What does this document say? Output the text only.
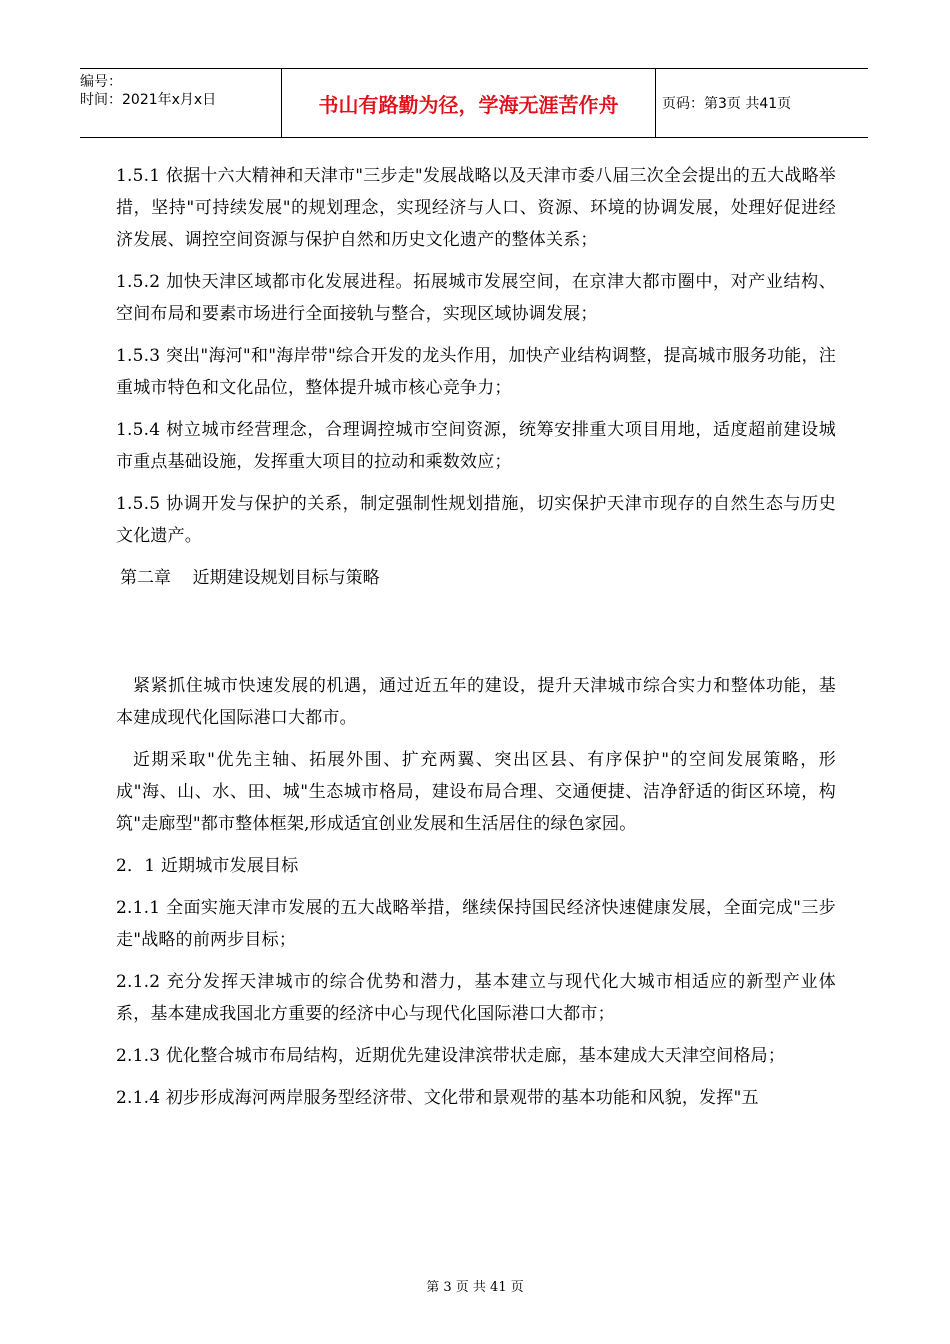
编号：
时间：2021年x月x日	书山有路勤为径，学海无涯苦作舟	页码：第3页 共41页

1.5.1 依据十六大精神和天津市"三步走"发展战略以及天津市委八届三次全会提出的五大战略举措，坚持"可持续发展"的规划理念，实现经济与人口、资源、环境的协调发展，处理好促进经济发展、调控空间资源与保护自然和历史文化遗产的整体关系；

1.5.2 加快天津区域都市化发展进程。拓展城市发展空间，在京津大都市圈中，对产业结构、空间布局和要素市场进行全面接轨与整合，实现区域协调发展；

1.5.3 突出"海河"和"海岸带"综合开发的龙头作用，加快产业结构调整，提高城市服务功能，注重城市特色和文化品位，整体提升城市核心竞争力；

1.5.4 树立城市经营理念，合理调控城市空间资源，统筹安排重大项目用地，适度超前建设城市重点基础设施，发挥重大项目的拉动和乘数效应；

1.5.5 协调开发与保护的关系，制定强制性规划措施，切实保护天津市现存的自然生态与历史文化遗产。

第二章    近期建设规划目标与策略

紧紧抓住城市快速发展的机遇，通过近五年的建设，提升天津城市综合实力和整体功能，基本建成现代化国际港口大都市。

近期采取"优先主轴、拓展外围、扩充两翼、突出区县、有序保护"的空间发展策略，形成"海、山、水、田、城"生态城市格局，建设布局合理、交通便捷、洁净舒适的街区环境，构筑"走廊型"都市整体框架,形成适宜创业发展和生活居住的绿色家园。

2．1 近期城市发展目标

2.1.1 全面实施天津市发展的五大战略举措，继续保持国民经济快速健康发展，全面完成"三步走"战略的前两步目标；

2.1.2 充分发挥天津城市的综合优势和潜力，基本建立与现代化大城市相适应的新型产业体系，基本建成我国北方重要的经济中心与现代化国际港口大都市；

2.1.3 优化整合城市布局结构，近期优先建设津滨带状走廊，基本建成大天津空间格局；

2.1.4 初步形成海河两岸服务型经济带、文化带和景观带的基本功能和风貌，发挥"五

第 3 页 共 41 页
